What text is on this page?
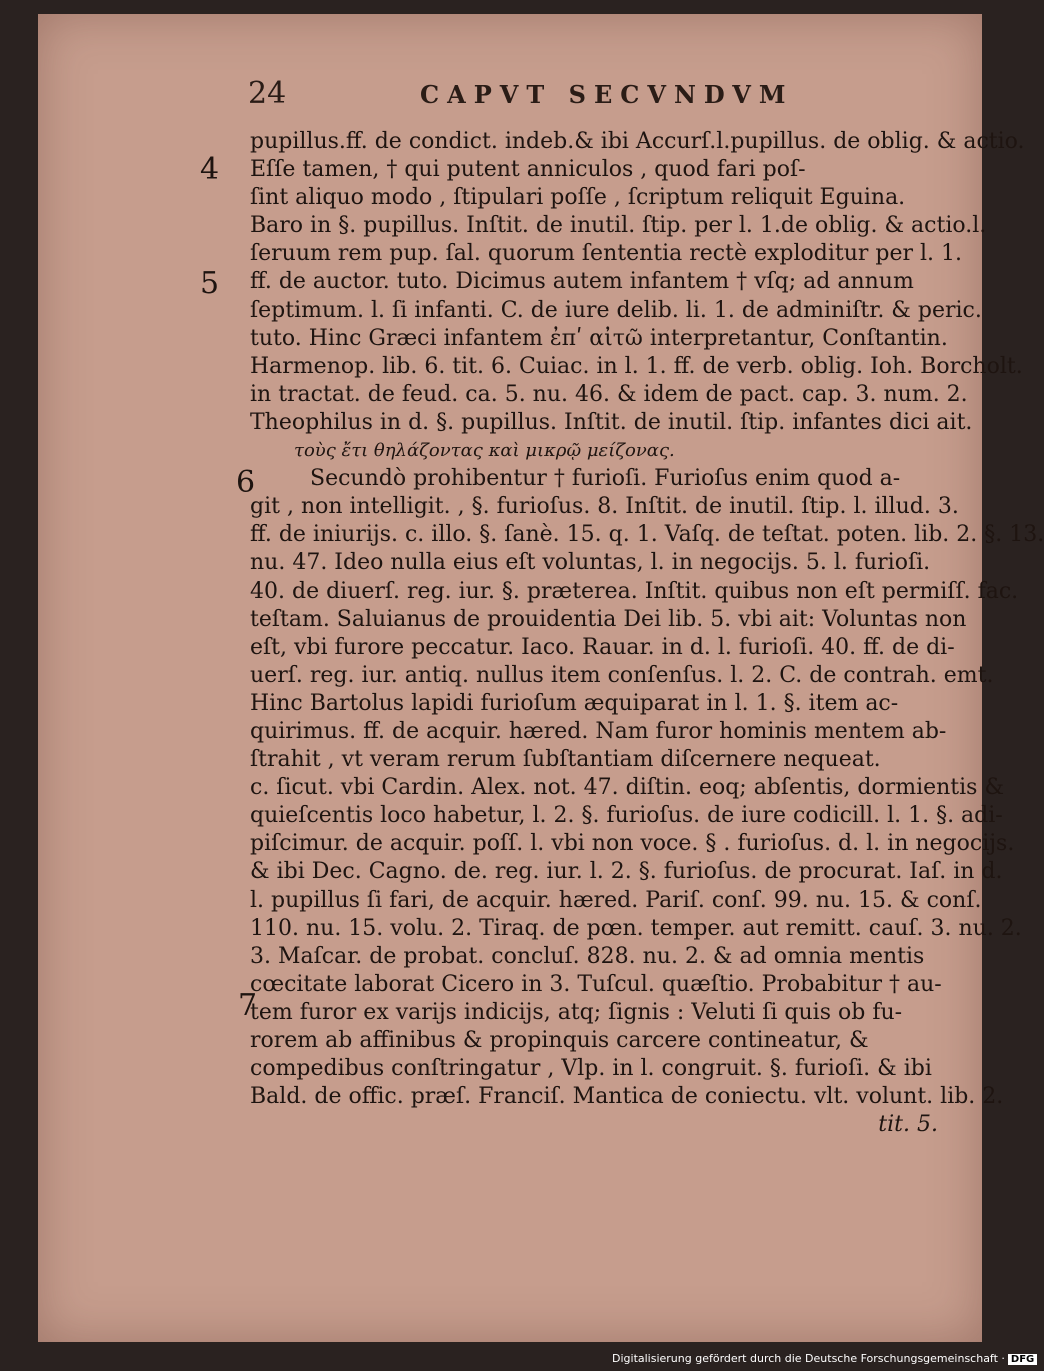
24	CAPVT SECVNDVM
4
5
6
7
pupillus.ff. de condict. indeb.& ibi Accurſ.l.pupillus. de oblig. & actio.
Eſſe tamen, † qui putent anniculos , quod fari poſ-
ſint aliquo modo , ſtipulari poſſe , ſcriptum reliquit Eguina.
Baro in §. pupillus. Inſtit. de inutil. ſtip. per l. 1.de oblig. & actio.l.
ſeruum rem pup. ſal. quorum ſententia rectè exploditur per l. 1.
ff. de auctor. tuto. Dicimus autem infantem † vſq; ad annum
ſeptimum. l. ſi infanti. C. de iure delib. li. 1. de adminiſtr. & peric.
tuto. Hinc Græci infantem ἐπʹ αἰτῶ interpretantur, Conſtantin.
Harmenop. lib. 6. tit. 6. Cuiac. in l. 1. ff. de verb. oblig. Ioh. Borcholt.
in tractat. de feud. ca. 5. nu. 46. & idem de pact. cap. 3. num. 2.
Theophilus in d. §. pupillus. Inſtit. de inutil. ſtip. infantes dici ait.
τοὺς ἔτι θηλάζοντας καὶ μικρῷ μείζονας.
Secundò prohibentur † furioſi. Furioſus enim quod a-
git , non intelligit. , §. furioſus. 8. Inſtit. de inutil. ſtip. l. illud. 3.
ff. de iniurijs. c. illo. §. ſanè. 15. q. 1. Vaſq. de teſtat. poten. lib. 2. §. 13.
nu. 47. Ideo nulla eius eſt voluntas, l. in negocijs. 5. l. furioſi.
40. de diuerſ. reg. iur. §. præterea. Inſtit. quibus non eſt permiſſ. fac.
teſtam. Saluianus de prouidentia Dei lib. 5. vbi ait: Voluntas non
eſt, vbi furore peccatur. Iaco. Rauar. in d. l. furioſi. 40. ff. de di-
uerſ. reg. iur. antiq. nullus item conſenſus. l. 2. C. de contrah. emt.
Hinc Bartolus lapidi furioſum æquiparat in l. 1. §. item ac-
quirimus. ff. de acquir. hæred. Nam furor hominis mentem ab-
ſtrahit , vt veram rerum ſubſtantiam diſcernere nequeat.
c. ſicut. vbi Cardin. Alex. not. 47. diſtin. eoq; abſentis, dormientis &
quieſcentis loco habetur, l. 2. §. furioſus. de iure codicill. l. 1. §. adi-
piſcimur. de acquir. poſſ. l. vbi non voce. § . furioſus. d. l. in negocijs.
& ibi Dec. Cagno. de. reg. iur. l. 2. §. furioſus. de procurat. Iaſ. in d.
l. pupillus ſi fari, de acquir. hæred. Pariſ. conſ. 99. nu. 15. & conſ.
110. nu. 15. volu. 2. Tiraq. de pœn. temper. aut remitt. cauſ. 3. nu. 2.
3. Maſcar. de probat. concluſ. 828. nu. 2. & ad omnia mentis
cœcitate laborat Cicero in 3. Tuſcul. quæſtio. Probabitur † au-
tem furor ex varijs indicijs, atq; ſignis : Veluti ſi quis ob fu-
rorem ab affinibus & propinquis carcere contineatur, &
compedibus conſtringatur , Vlp. in l. congruit. §. furioſi. & ibi
Bald. de offic. præſ. Franciſ. Mantica de coniectu. vlt. volunt. lib. 2.
tit. 5.
Digitalisierung gefördert durch die Deutsche Forschungsgemeinschaft · DFG
